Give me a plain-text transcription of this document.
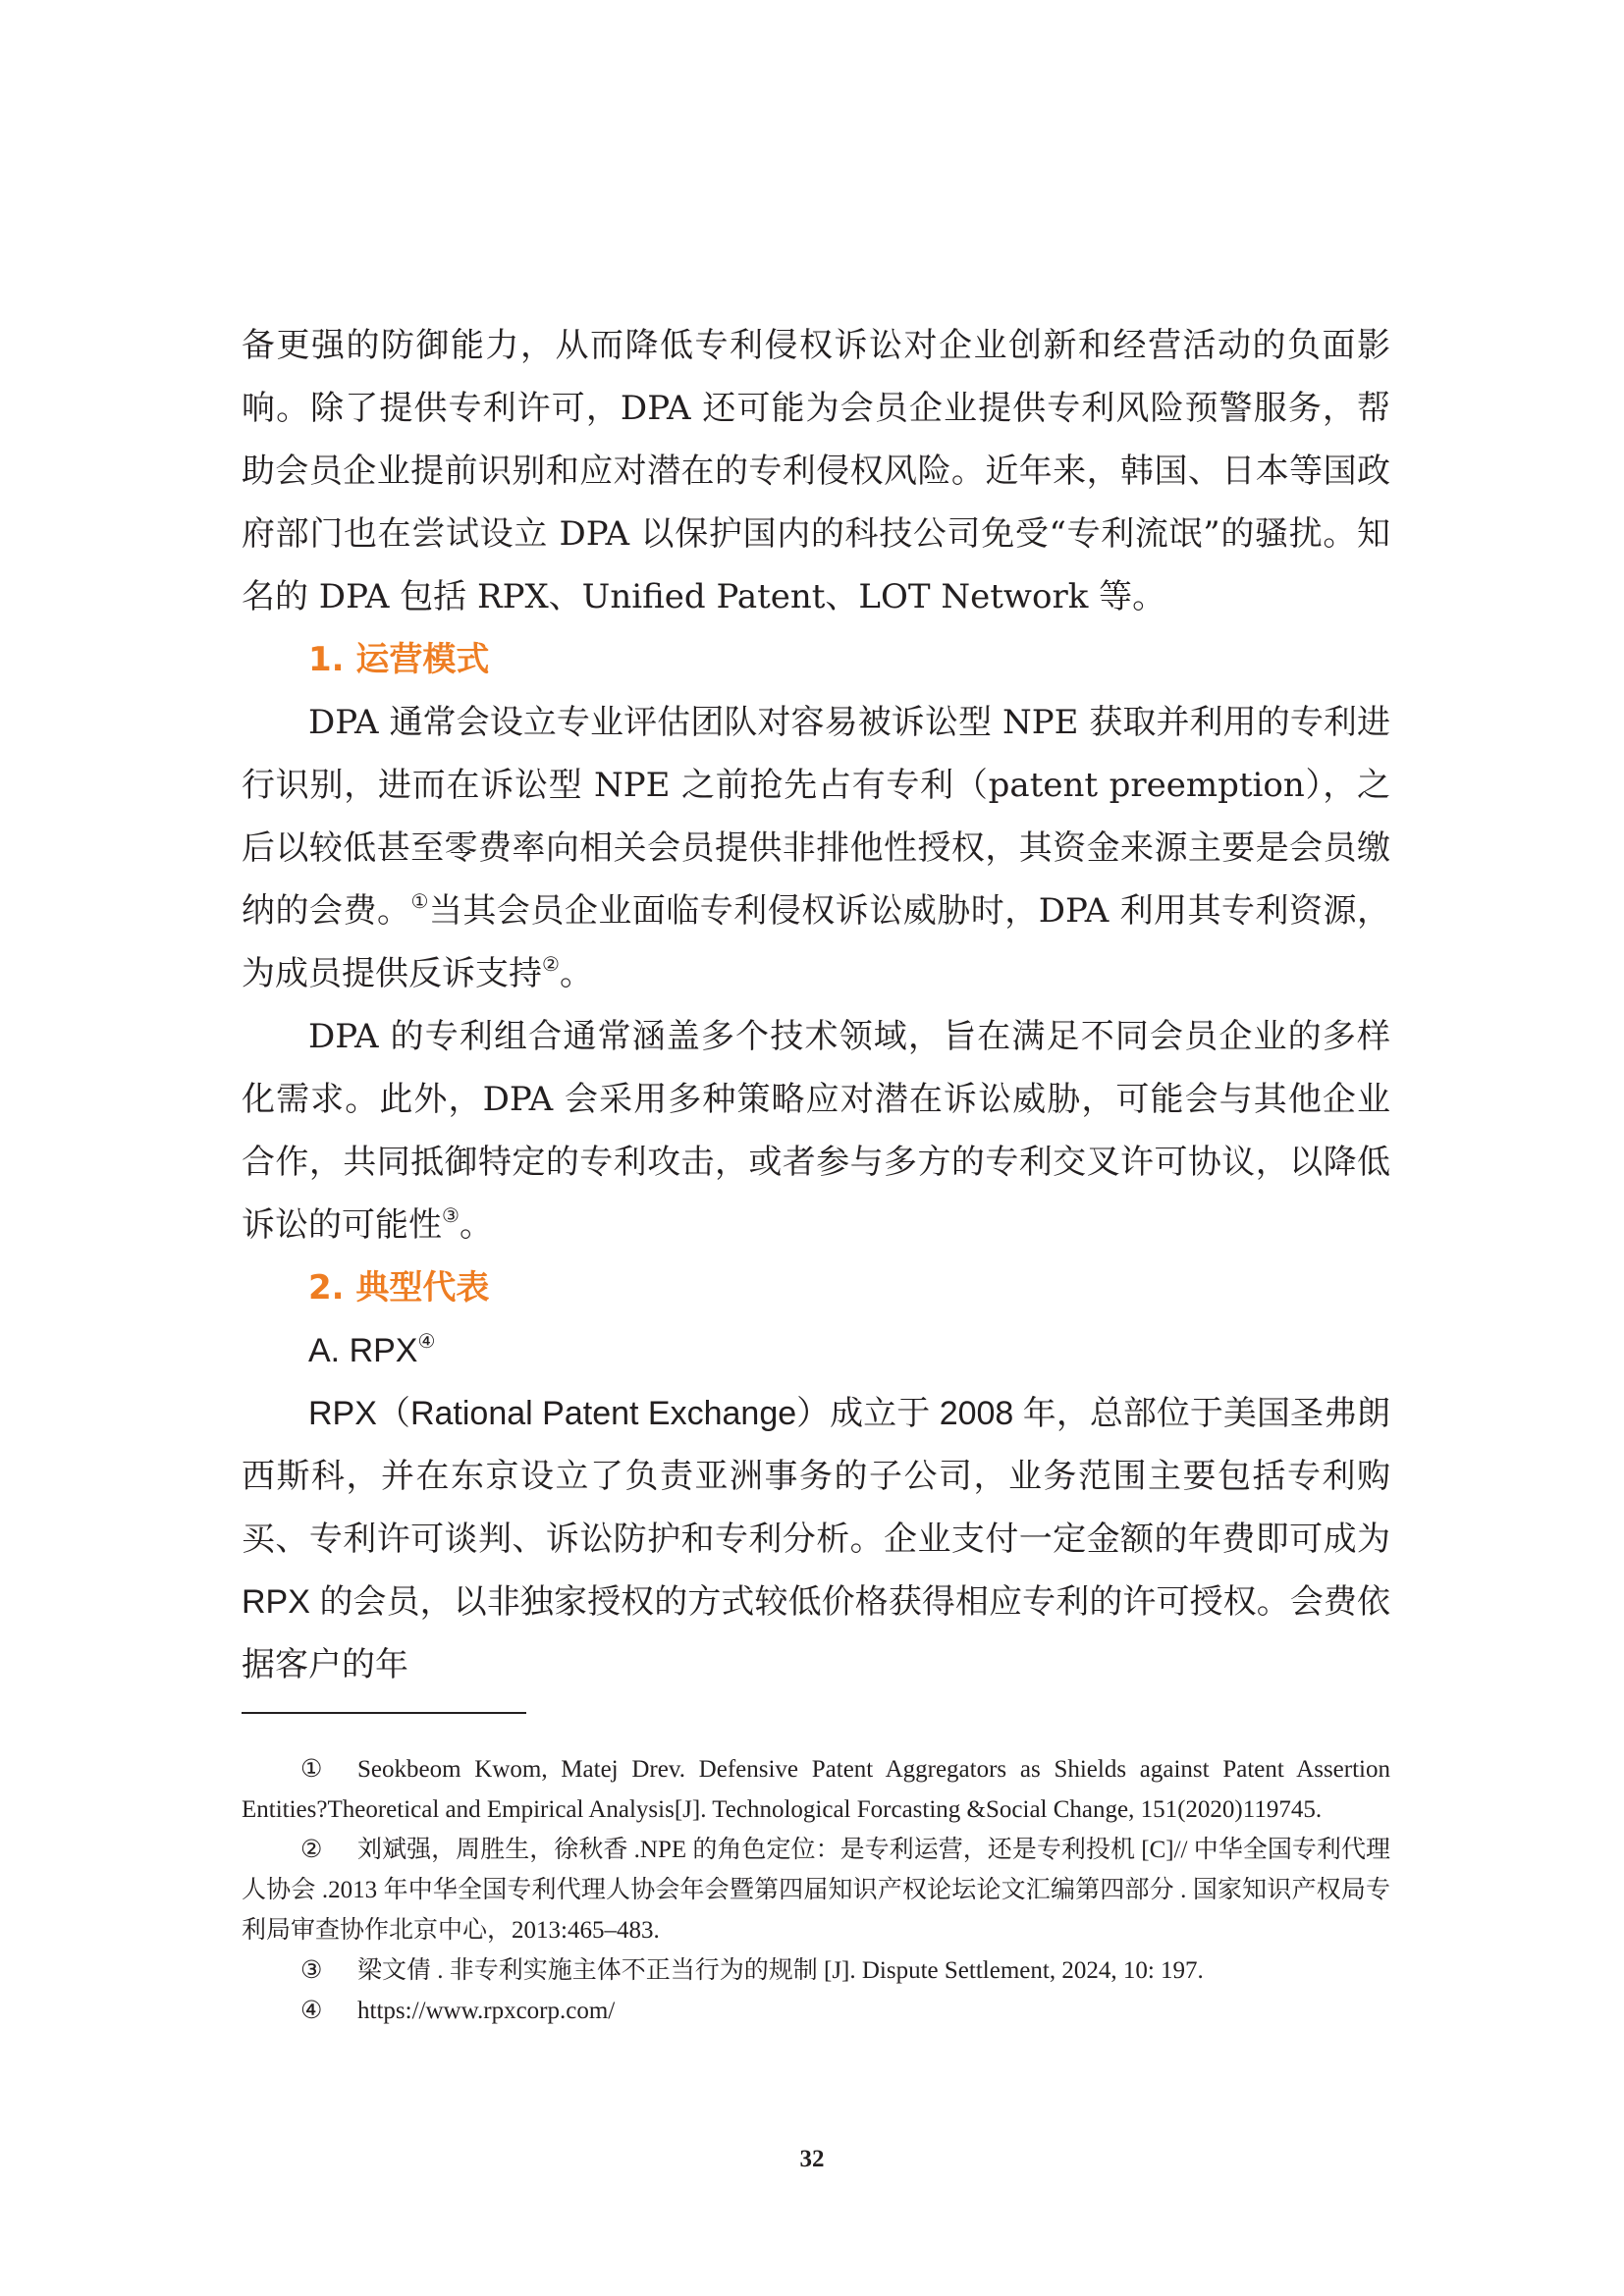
备更强的防御能力，从而降低专利侵权诉讼对企业创新和经营活动的负面影响。除了提供专利许可，DPA 还可能为会员企业提供专利风险预警服务，帮助会员企业提前识别和应对潜在的专利侵权风险。近年来，韩国、日本等国政府部门也在尝试设立 DPA 以保护国内的科技公司免受“专利流氓”的骚扰。知名的 DPA 包括 RPX、Unified Patent、LOT Network 等。

1. 运营模式

DPA 通常会设立专业评估团队对容易被诉讼型 NPE 获取并利用的专利进行识别，进而在诉讼型 NPE 之前抢先占有专利（patent preemption），之后以较低甚至零费率向相关会员提供非排他性授权，其资金来源主要是会员缴纳的会费。①当其会员企业面临专利侵权诉讼威胁时，DPA 利用其专利资源，为成员提供反诉支持②。

DPA 的专利组合通常涵盖多个技术领域，旨在满足不同会员企业的多样化需求。此外，DPA 会采用多种策略应对潜在诉讼威胁，可能会与其他企业合作，共同抵御特定的专利攻击，或者参与多方的专利交叉许可协议，以降低诉讼的可能性③。

2. 典型代表

A. RPX④

RPX（Rational Patent Exchange）成立于 2008 年，总部位于美国圣弗朗西斯科，并在东京设立了负责亚洲事务的子公司，业务范围主要包括专利购买、专利许可谈判、诉讼防护和专利分析。企业支付一定金额的年费即可成为 RPX 的会员，以非独家授权的方式较低价格获得相应专利的许可授权。会费依据客户的年

① Seokbeom Kwom, Matej Drev. Defensive Patent Aggregators as Shields against Patent Assertion Entities?Theoretical and Empirical Analysis[J]. Technological Forcasting &Social Change, 151(2020)119745.

② 刘斌强，周胜生，徐秋香 .NPE 的角色定位：是专利运营，还是专利投机 [C]// 中华全国专利代理人协会 .2013 年中华全国专利代理人协会年会暨第四届知识产权论坛论文汇编第四部分 . 国家知识产权局专利局审查协作北京中心，2013:465–483.

③ 梁文倩 . 非专利实施主体不正当行为的规制 [J]. Dispute Settlement, 2024, 10: 197.

④ https://www.rpxcorp.com/

32
